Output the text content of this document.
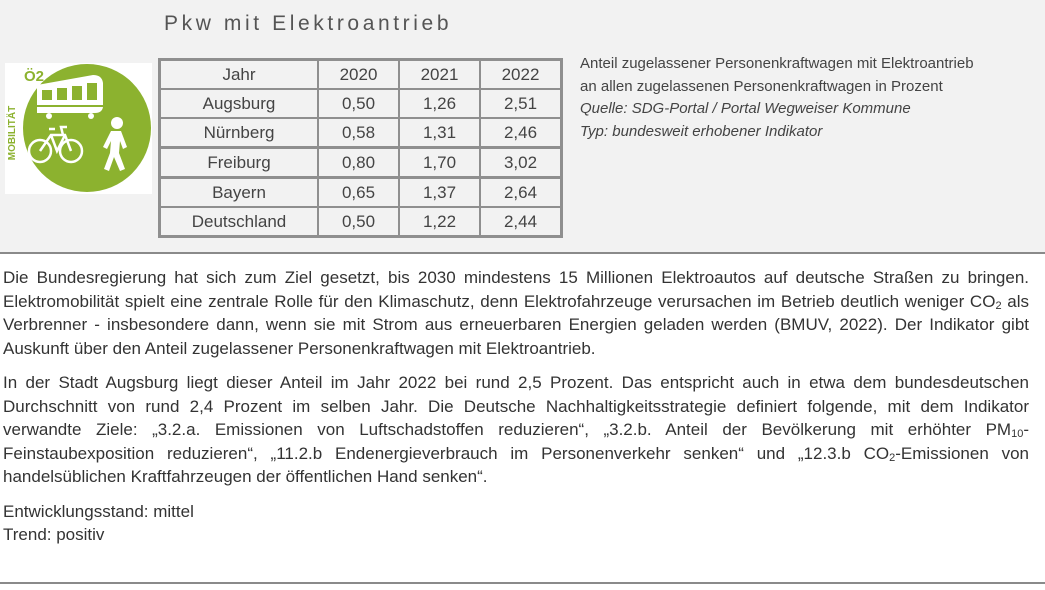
Pkw mit Elektroantrieb
MOBILITÄT
Ö2	Jahr	2020	2021	2022
Augsburg	0,50	1,26	2,51
Nürnberg	0,58	1,31	2,46
Freiburg	0,80	1,70	3,02
Bayern	0,65	1,37	2,64
Deutschland	0,50	1,22	2,44
Anteil zugelassener Personenkraftwagen mit Elektroantrieb
an allen zugelassenen Personenkraftwagen in Prozent
Quelle: SDG-Portal / Portal Wegweiser Kommune
Typ: bundesweit erhobener Indikator

Die Bundesregierung hat sich zum Ziel gesetzt, bis 2030 mindestens 15 Millionen Elektroautos auf deutsche Straßen zu bringen. Elektromobilität spielt eine zentrale Rolle für den Klimaschutz, denn Elektrofahrzeuge verursachen im Betrieb deutlich weniger $CO_2$ als Verbrenner - insbesondere dann, wenn sie mit Strom aus erneuerbaren Energien geladen werden (BMUV, 2022). Der Indikator gibt Auskunft über den Anteil zugelassener Personenkraftwagen mit Elektroantrieb.

In der Stadt Augsburg liegt dieser Anteil im Jahr 2022 bei rund 2,5 Prozent. Das entspricht auch in etwa dem bundesdeutschen Durchschnitt von rund 2,4 Prozent im selben Jahr. Die Deutsche Nachhaltigkeitsstrategie definiert folgende, mit dem Indikator verwandte Ziele: „3.2.a. Emissionen von Luftschadstoffen reduzieren“, „3.2.b. Anteil der Bevölkerung mit erhöhter $PM_{10}$-Feinstaubexposition reduzieren“, „11.2.b Endenergieverbrauch im Personenverkehr senken“ und „12.3.b $CO_2$-Emissionen von handelsüblichen Kraftfahrzeugen der öffentlichen Hand senken“.

Entwicklungsstand: mittel
Trend: positiv
